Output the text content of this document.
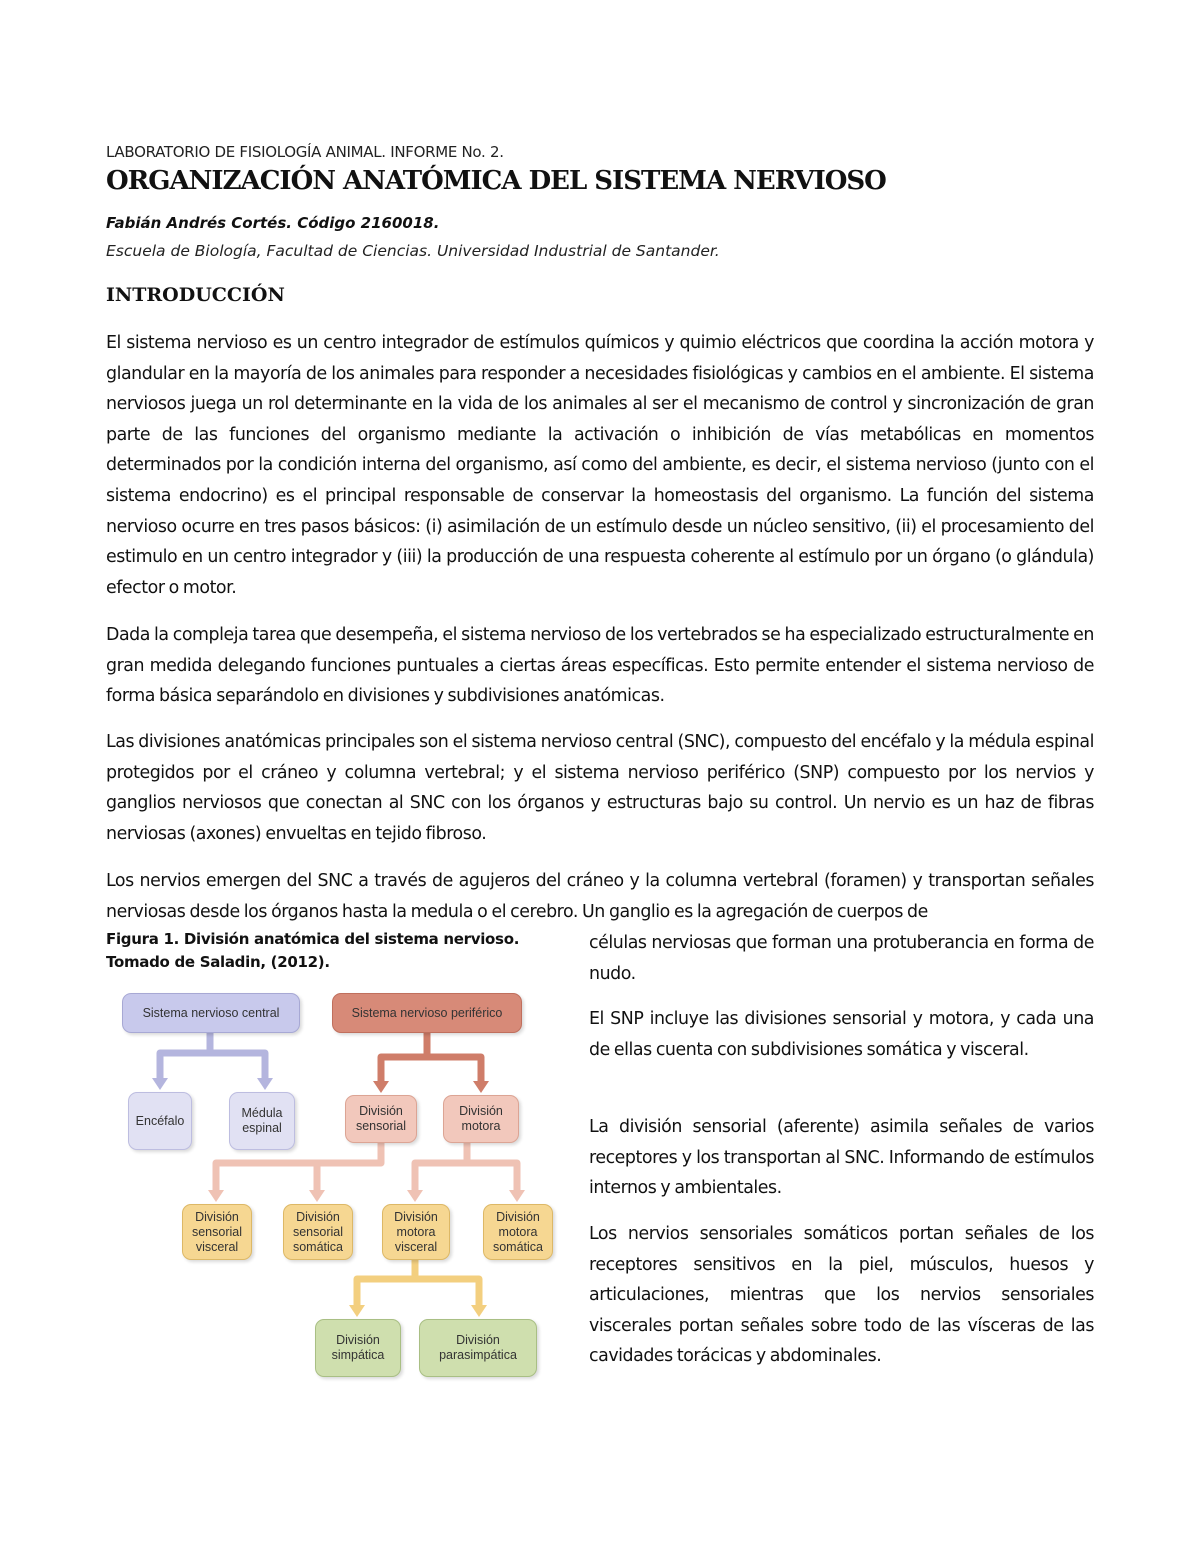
LABORATORIO DE FISIOLOGÍA ANIMAL. INFORME No. 2.
ORGANIZACIÓN ANATÓMICA DEL SISTEMA NERVIOSO
Fabián Andrés Cortés. Código 2160018.
Escuela de Biología, Facultad de Ciencias. Universidad Industrial de Santander.
INTRODUCCIÓN

El sistema nervioso es un centro integrador de estímulos químicos y quimio eléctricos que coordina la acción motora y glandular en la mayoría de los animales para responder a necesidades fisiológicas y cambios en el ambiente. El sistema nerviosos juega un rol determinante en la vida de los animales al ser el mecanismo de control y sincronización de gran parte de las funciones del organismo mediante la activación o inhibición de vías metabólicas en momentos determinados por la condición interna del organismo, así como del ambiente, es decir, el sistema nervioso (junto con el sistema endocrino) es el principal responsable de conservar la homeostasis del organismo. La función del sistema nervioso ocurre en tres pasos básicos: (i) asimilación de un estímulo desde un núcleo sensitivo, (ii) el procesamiento del estimulo en un centro integrador y (iii) la producción de una respuesta coherente al estímulo por un órgano (o glándula) efector o motor.

Dada la compleja tarea que desempeña, el sistema nervioso de los vertebrados se ha especializado estructuralmente en gran medida delegando funciones puntuales a ciertas áreas específicas. Esto permite entender el sistema nervioso de forma básica separándolo en divisiones y subdivisiones anatómicas.

Las divisiones anatómicas principales son el sistema nervioso central (SNC), compuesto del encéfalo y la médula espinal protegidos por el cráneo y columna vertebral; y el sistema nervioso periférico (SNP) compuesto por los nervios y ganglios nerviosos que conectan al SNC con los órganos y estructuras bajo su control. Un nervio es un haz de fibras nerviosas (axones) envueltas en tejido fibroso.

Los nervios emergen del SNC a través de agujeros del cráneo y la columna vertebral (foramen) y transportan señales nerviosas desde los órganos hasta la medula o el cerebro. Un ganglio es la agregación de cuerpos de

células nerviosas que forman una protuberancia en forma de nudo.

El SNP incluye las divisiones sensorial y motora, y cada una de ellas cuenta con subdivisiones somática y visceral.

La división sensorial (aferente) asimila señales de varios receptores y los transportan al SNC. Informando de estímulos internos y ambientales.

Los nervios sensoriales somáticos portan señales de los receptores sensitivos en la piel, músculos, huesos y articulaciones, mientras que los nervios sensoriales viscerales portan señales sobre todo de las vísceras de las cavidades torácicas y abdominales.

Figura 1. División anatómica del sistema nervioso.
Tomado de Saladin, (2012).
Sistema nervioso central	Sistema nervioso periférico
Encéfalo
Médula espinal
División sensorial
División motora
División sensorial visceral
División sensorial somática
División motora visceral
División motora somática
División simpática
División parasimpática
